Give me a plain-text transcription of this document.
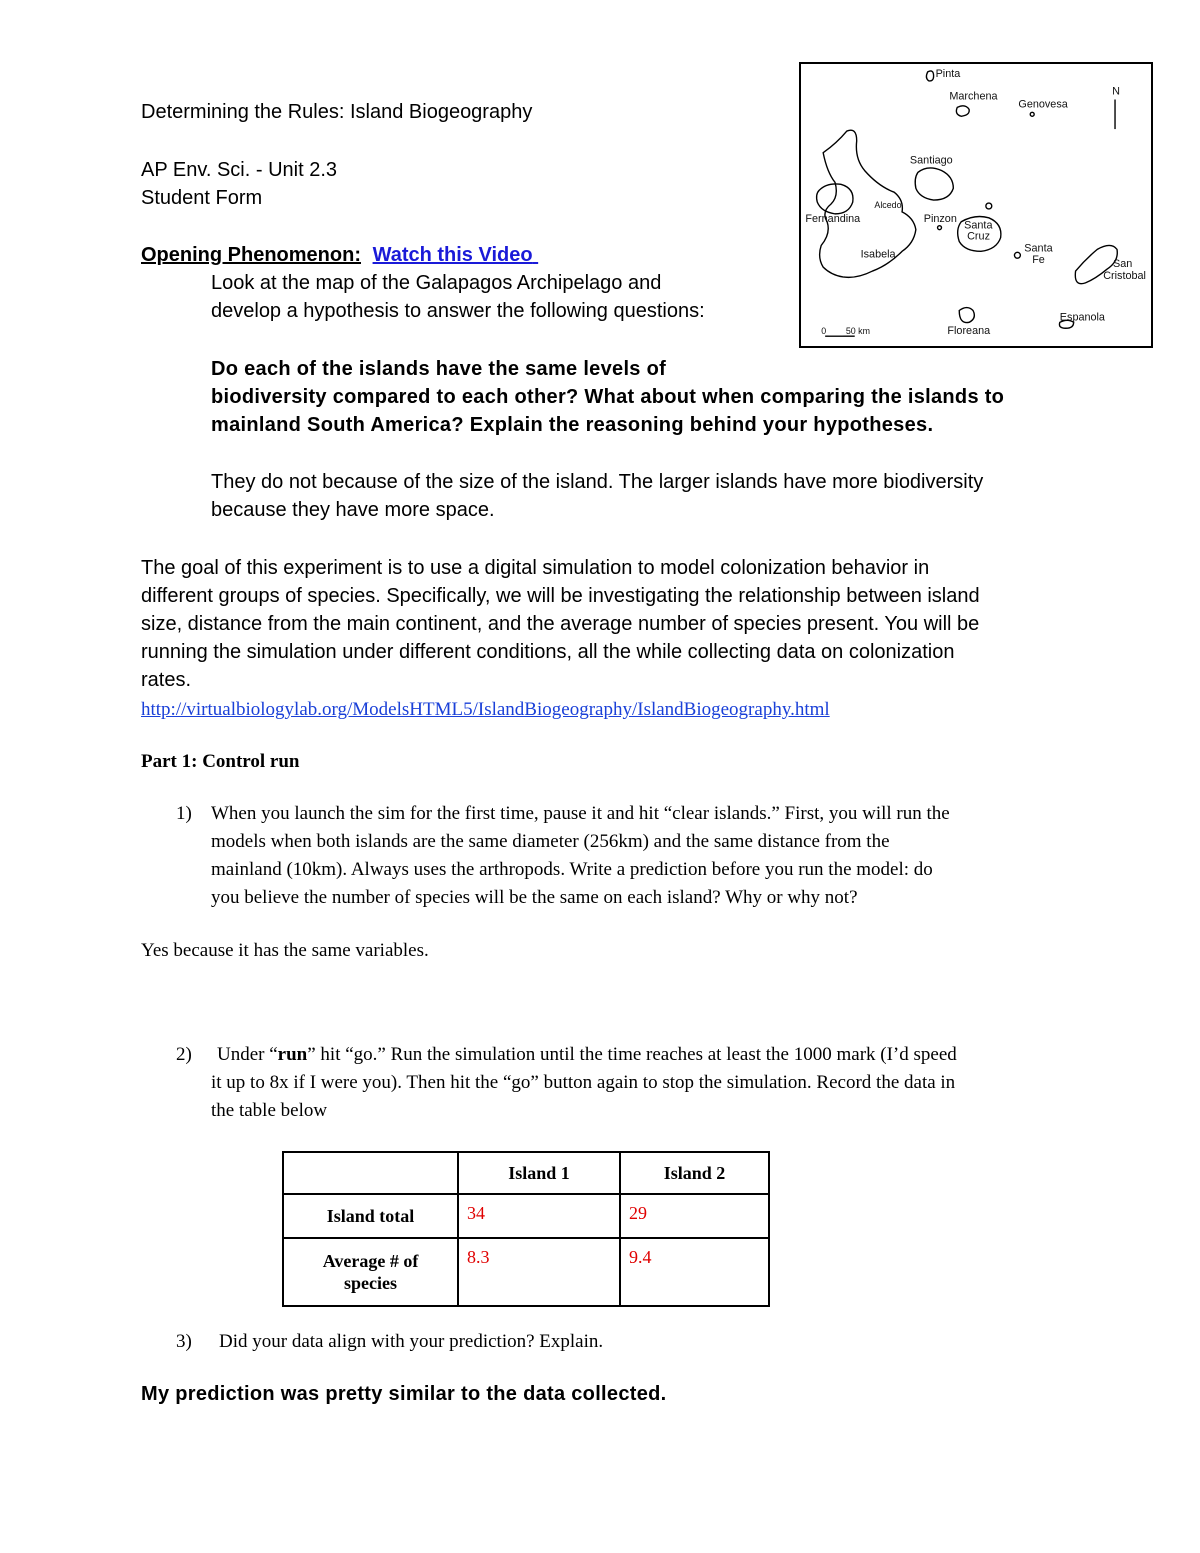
Determining the Rules: Island Biogeography
AP Env. Sci. - Unit 2.3
Student Form
Opening Phenomenon: Watch this Video
Look at the map of the Galapagos Archipelago and
develop a hypothesis to answer the following questions:
Do each of the islands have the same levels of
biodiversity compared to each other? What about when comparing the islands to
mainland South America? Explain the reasoning behind your hypotheses.
They do not because of the size of the island. The larger islands have more biodiversity
because they have more space.
Pinta
Marchena
Genovesa
Santiago
Fernandina
Isabela
Pinzon
Santa
Cruz
Santa
Fe	San
Cristobal
Floreana
Espanola
Alcedo
N
0 ___ 50 km
The goal of this experiment is to use a digital simulation to model colonization behavior in
different groups of species. Specifically, we will be investigating the relationship between island
size, distance from the main continent, and the average number of species present. You will be
running the simulation under different conditions, all the while collecting data on colonization
rates.
http://virtualbiologylab.org/ModelsHTML5/IslandBiogeography/IslandBiogeography.html
Part 1: Control run
1) When you launch the sim for the first time, pause it and hit “clear islands.” First, you will run the
models when both islands are the same diameter (256km) and the same distance from the
mainland (10km). Always uses the arthropods. Write a prediction before you run the model: do
you believe the number of species will be the same on each island? Why or why not?
Yes because it has the same variables.
2) Under “run” hit “go.” Run the simulation until the time reaches at least the 1000 mark (I’d speed
it up to 8x if I were you). Then hit the “go” button again to stop the simulation. Record the data in
the table below
	Island 1	Island 2
Island total	34	29

Average # of
species	8.3	9.4
3) Did your data align with your prediction? Explain.
My prediction was pretty similar to the data collected.
